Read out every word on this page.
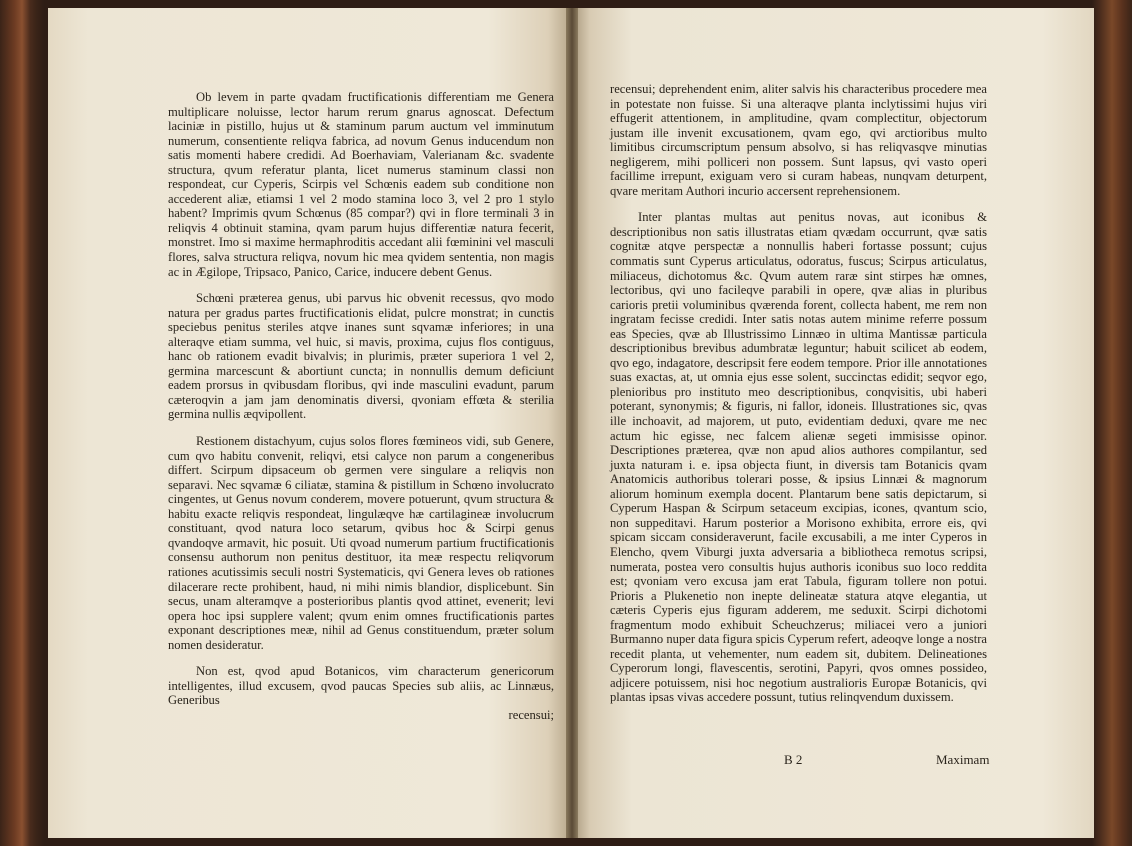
Ob levem in parte qvadam fructificationis differentiam me Genera multiplicare noluisse, lector harum rerum gnarus agnoscat. Defectum laciniæ in pistillo, hujus ut & staminum parum auctum vel imminutum numerum, consentiente reliqva fabrica, ad novum Genus inducendum non satis momenti habere credidi. Ad Boerhaviam, Valerianam &c. svadente structura, qvum referatur planta, licet numerus staminum classi non respondeat, cur Cyperis, Scirpis vel Schœnis eadem sub conditione non accederent aliæ, etiamsi 1 vel 2 modo stamina loco 3, vel 2 pro 1 stylo habent? Imprimis qvum Schœnus (85 compar?) qvi in flore terminali 3 in reliqvis 4 obtinuit stamina, qvam parum hujus differentiæ natura fecerit, monstret. Imo si maxime hermaphroditis accedant alii fœminini vel masculi flores, salva structura reliqva, novum hic mea qvidem sententia, non magis ac in Ægilope, Tripsaco, Panico, Carice, inducere debent Genus.

Schœni præterea genus, ubi parvus hic obvenit recessus, qvo modo natura per gradus partes fructificationis elidat, pulcre monstrat; in cunctis speciebus penitus steriles atqve inanes sunt sqvamæ inferiores; in una alteraqve etiam summa, vel huic, si mavis, proxima, cujus flos contiguus, hanc ob rationem evadit bivalvis; in plurimis, præter superiora 1 vel 2, germina marcescunt & abortiunt cuncta; in nonnullis demum deficiunt eadem prorsus in qvibusdam floribus, qvi inde masculini evadunt, parum cæteroqvin a jam jam denominatis diversi, qvoniam effœta & sterilia germina nullis æqvipollent.

Restionem distachyum, cujus solos flores fœmineos vidi, sub Genere, cum qvo habitu convenit, reliqvi, etsi calyce non parum a congeneribus differt. Scirpum dipsaceum ob germen vere singulare a reliqvis non separavi. Nec sqvamæ 6 ciliatæ, stamina & pistillum in Schœno involucrato cingentes, ut Genus novum conderem, movere potuerunt, qvum structura & habitu exacte reliqvis respondeat, lingulæqve hæ cartilagineæ involucrum constituant, qvod natura loco setarum, qvibus hoc & Scirpi genus qvandoqve armavit, hic posuit. Uti qvoad numerum partium fructificationis consensu authorum non penitus destituor, ita meæ respectu reliqvorum rationes acutissimis seculi nostri Systematicis, qvi Genera leves ob rationes dilacerare recte prohibent, haud, ni mihi nimis blandior, displicebunt. Sin secus, unam alteramqve a posterioribus plantis qvod attinet, evenerit; levi opera hoc ipsi supplere valent; qvum enim omnes fructificationis partes exponant descriptiones meæ, nihil ad Genus constituendum, præter solum nomen desideratur.

Non est, qvod apud Botanicos, vim characterum genericorum intelligentes, illud excusem, qvod paucas Species sub aliis, ac Linnæus, Generibus

recensui;

recensui; deprehendent enim, aliter salvis his characteribus procedere mea in potestate non fuisse. Si una alteraqve planta inclytissimi hujus viri effugerit attentionem, in amplitudine, qvam complectitur, objectorum justam ille invenit excusationem, qvam ego, qvi arctioribus multo limitibus circumscriptum pensum absolvo, si has reliqvasqve minutias negligerem, mihi polliceri non possem. Sunt lapsus, qvi vasto operi facillime irrepunt, exiguam vero si curam habeas, nunqvam deturpent, qvare meritam Authori incurio accersent reprehensionem.

Inter plantas multas aut penitus novas, aut iconibus & descriptionibus non satis illustratas etiam qvædam occurrunt, qvæ satis cognitæ atqve perspectæ a nonnullis haberi fortasse possunt; cujus commatis sunt Cyperus articulatus, odoratus, fuscus; Scirpus articulatus, miliaceus, dichotomus &c. Qvum autem raræ sint stirpes hæ omnes, lectoribus, qvi uno facileqve parabili in opere, qvæ alias in pluribus carioris pretii voluminibus qværenda forent, collecta habent, me rem non ingratam fecisse credidi. Inter satis notas autem minime referre possum eas Species, qvæ ab Illustrissimo Linnæo in ultima Mantissæ particula descriptionibus brevibus adumbratæ leguntur; habuit scilicet ab eodem, qvo ego, indagatore, descripsit fere eodem tempore. Prior ille annotationes suas exactas, at, ut omnia ejus esse solent, succinctas edidit; seqvor ego, plenioribus pro instituto meo descriptionibus, conqvisitis, ubi haberi poterant, synonymis; & figuris, ni fallor, idoneis. Illustrationes sic, qvas ille inchoavit, ad majorem, ut puto, evidentiam deduxi, qvare me nec actum hic egisse, nec falcem alienæ segeti immisisse opinor. Descriptiones præterea, qvæ non apud alios authores compilantur, sed juxta naturam i. e. ipsa objecta fiunt, in diversis tam Botanicis qvam Anatomicis authoribus tolerari posse, & ipsius Linnæi & magnorum aliorum hominum exempla docent. Plantarum bene satis depictarum, si Cyperum Haspan & Scirpum setaceum excipias, icones, qvantum scio, non suppeditavi. Harum posterior a Morisono exhibita, errore eis, qvi spicam siccam consideraverunt, facile excusabili, a me inter Cyperos in Elencho, qvem Viburgi juxta adversaria a bibliotheca remotus scripsi, numerata, postea vero consultis hujus authoris iconibus suo loco reddita est; qvoniam vero excusa jam erat Tabula, figuram tollere non potui. Prioris a Plukenetio non inepte delineatæ statura atqve elegantia, ut cæteris Cyperis ejus figuram adderem, me seduxit. Scirpi dichotomi fragmentum modo exhibuit Scheuchzerus; miliacei vero a juniori Burmanno nuper data figura spicis Cyperum refert, adeoqve longe a nostra recedit planta, ut vehementer, num eadem sit, dubitem. Delineationes Cyperorum longi, flavescentis, serotini, Papyri, qvos omnes possideo, adjicere potuissem, nisi hoc negotium australioris Europæ Botanicis, qvi plantas ipsas vivas accedere possunt, tutius relinqvendum duxissem.

B 2	Maximam
